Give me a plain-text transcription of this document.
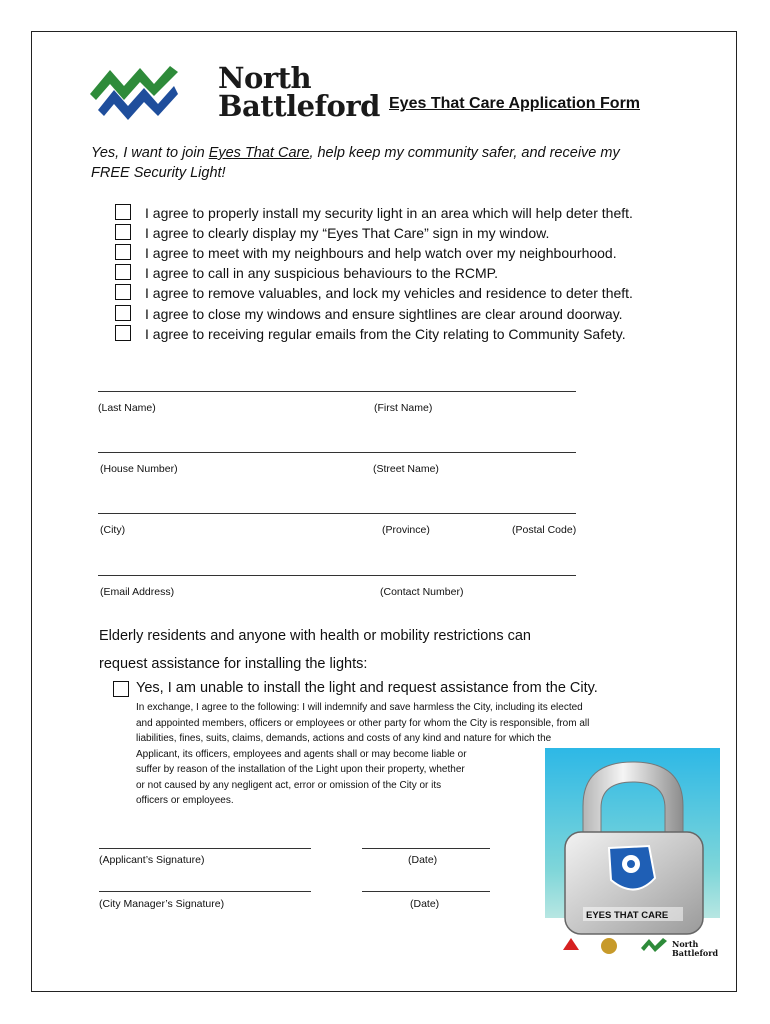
North
Battleford Eyes That Care Application Form
Yes, I want to join Eyes That Care, help keep my community safer, and receive my
FREE Security Light!
I agree to properly install my security light in an area which will help deter theft.
I agree to clearly display my “Eyes That Care” sign in my window.
I agree to meet with my neighbours and help watch over my neighbourhood.
I agree to call in any suspicious behaviours to the RCMP.
I agree to remove valuables, and lock my vehicles and residence to deter theft.
I agree to close my windows and ensure sightlines are clear around doorway.
I agree to receiving regular emails from the City relating to Community Safety.
(Last Name)	(First Name)
(House Number)	(Street Name)
(City)	(Province)	(Postal Code)
(Email Address)	(Contact Number)
Elderly residents and anyone with health or mobility restrictions can
request assistance for installing the lights:
Yes, I am unable to install the light and request assistance from the City.
In exchange, I agree to the following: I will indemnify and save harmless the City, including its elected
and appointed members, officers or employees or other party for whom the City is responsible, from all
liabilities, fines, suits, claims, demands, actions and costs of any kind and nature for which the
Applicant, its officers, employees and agents shall or may become liable or
suffer by reason of the installation of the Light upon their property, whether
or not caused by any negligent act, error or omission of the City or its
officers or employees.
(Applicant’s Signature)	(Date)
(City Manager’s Signature)	(Date)
EYES THAT CARE
North
Battleford
